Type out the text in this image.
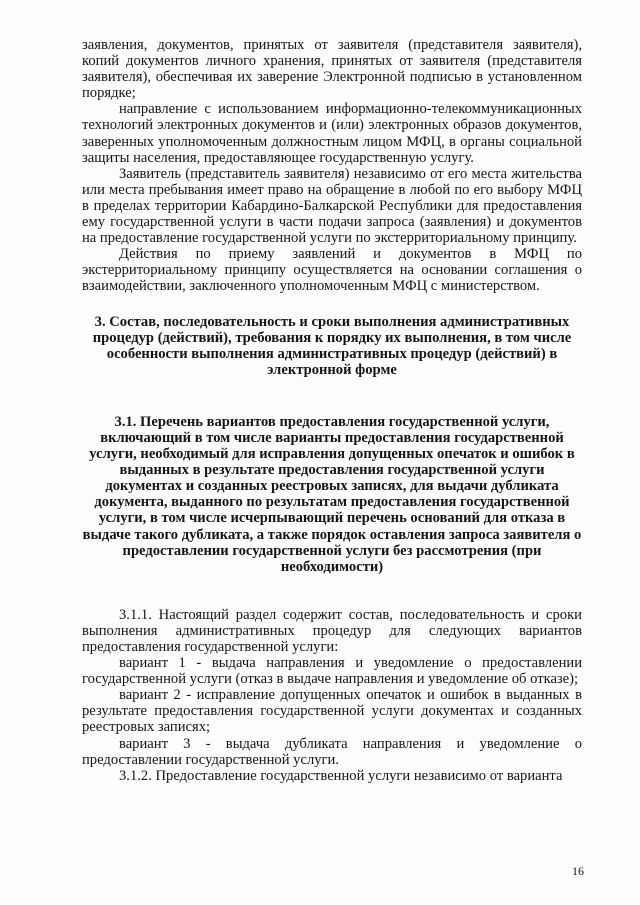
заявления, документов, принятых от заявителя (представителя заявителя), копий документов личного хранения, принятых от заявителя (представителя заявителя), обеспечивая их заверение Электронной подписью в установленном порядке;

направление с использованием информационно-телекоммуникационных технологий электронных документов и (или) электронных образов документов, заверенных уполномоченным должностным лицом МФЦ, в органы социальной защиты населения, предоставляющее государственную услугу.

Заявитель (представитель заявителя) независимо от его места жительства или места пребывания имеет право на обращение в любой по его выбору МФЦ в пределах территории Кабардино-Балкарской Республики для предоставления ему государственной услуги в части подачи запроса (заявления) и документов на предоставление государственной услуги по экстерриториальному принципу.

Действия по приему заявлений и документов в МФЦ по экстерриториальному принципу осуществляется на основании соглашения о взаимодействии, заключенного уполномоченным МФЦ с министерством.

3. Состав, последовательность и сроки выполнения административных процедур (действий), требования к порядку их выполнения, в том числе особенности выполнения административных процедур (действий) в электронной форме
3.1. Перечень вариантов предоставления государственной услуги, включающий в том числе варианты предоставления государственной услуги, необходимый для исправления допущенных опечаток и ошибок в выданных в результате предоставления государственной услуги документах и созданных реестровых записях, для выдачи дубликата документа, выданного по результатам предоставления государственной услуги, в том числе исчерпывающий перечень оснований для отказа в выдаче такого дубликата, а также порядок оставления запроса заявителя о предоставлении государственной услуги без рассмотрения (при необходимости)

3.1.1. Настоящий раздел содержит состав, последовательность и сроки выполнения административных процедур для следующих вариантов предоставления государственной услуги:

вариант 1 - выдача направления и уведомление о предоставлении государственной услуги (отказ в выдаче направления и уведомление об отказе);

вариант 2 - исправление допущенных опечаток и ошибок в выданных в результате предоставления государственной услуги документах и созданных реестровых записях;

вариант 3 - выдача дубликата направления и уведомление о предоставлении государственной услуги.

3.1.2. Предоставление государственной услуги независимо от варианта

16
